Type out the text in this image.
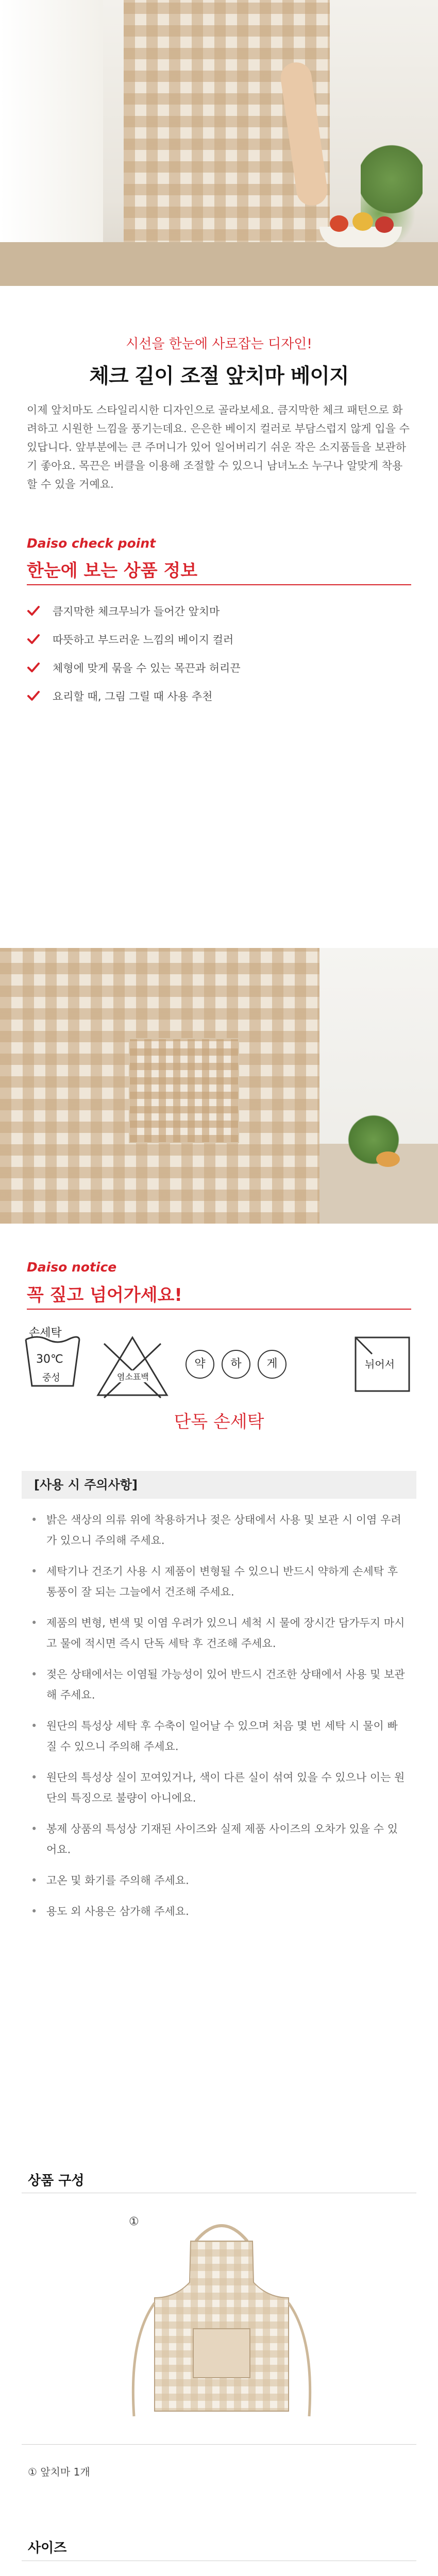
시선을 한눈에 사로잡는 디자인!
체크 길이 조절 앞치마 베이지
이제 앞치마도 스타일리시한 디자인으로 골라보세요. 큼지막한 체크 패턴으로 화려하고 시원한 느낌을 풍기는데요. 은은한 베이지 컬러로 부담스럽지 않게 입을 수 있답니다. 앞부분에는 큰 주머니가 있어 일어버리기 쉬운 작은 소지품들을 보관하기 좋아요. 목끈은 버클을 이용해 조절할 수 있으니 남녀노소 누구나 알맞게 착용할 수 있을 거예요.
Daiso check point
한눈에 보는 상품 정보
큼지막한 체크무늬가 들어간 앞치마
따뜻하고 부드러운 느낌의 베이지 컬러
체형에 맞게 묶을 수 있는 목끈과 허리끈
요리할 때, 그림 그릴 때 사용 추천
Daiso notice
꼭 짚고 넘어가세요!
손세탁
30℃
중성	염소표백
약	하	게	뉘어서
단독 손세탁
[사용 시 주의사항]
• 밝은 색상의 의류 위에 착용하거나 젖은 상태에서 사용 및 보관 시 이염 우려가 있으니 주의해 주세요.
• 세탁기나 건조기 사용 시 제품이 변형될 수 있으니 반드시 약하게 손세탁 후 통풍이 잘 되는 그늘에서 건조해 주세요.
• 제품의 변형, 변색 및 이염 우려가 있으니 세척 시 물에 장시간 담가두지 마시고 물에 적시면 즉시 단독 세탁 후 건조해 주세요.
• 젖은 상태에서는 이염될 가능성이 있어 반드시 건조한 상태에서 사용 및 보관해 주세요.
• 원단의 특성상 세탁 후 수축이 일어날 수 있으며 처음 몇 번 세탁 시 물이 빠질 수 있으니 주의해 주세요.
• 원단의 특성상 실이 꼬여있거나, 색이 다른 실이 섞여 있을 수 있으나 이는 원단의 특징으로 불량이 아니에요.
• 봉제 상품의 특성상 기재된 사이즈와 실제 제품 사이즈의 오차가 있을 수 있어요.
• 고온 및 화기를 주의해 주세요.
• 용도 외 사용은 삼가해 주세요.
상품 구성
①
① 앞치마 1개
사이즈
